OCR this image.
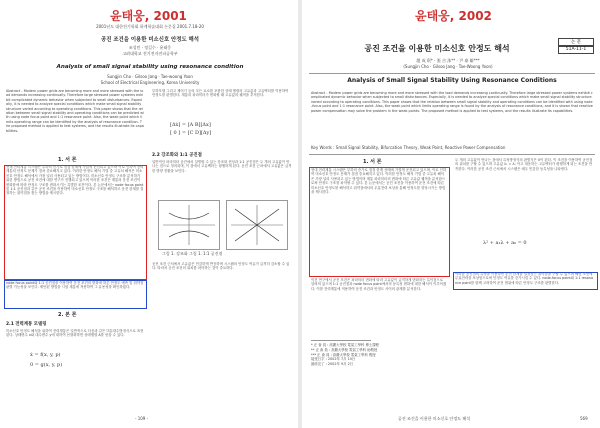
윤태웅, 2001
2001년도 대한전기학회 하계학술대회 논문집 2001.7.18-20
공진 조건을 이용한 미소신호 안정도 해석
조성민 · 정길수 · 윤태웅
고려대학교 전기전자전파공학부
Analysis of small signal stability using resonance condition
Sungjin Cho · Gilsoo Jang · Tae-woong Yoon
School of Electrical Engineering, Korea University
Abstract - Modern power grids are becoming more and more stressed with the load demands increasing continually. Therefore large stressed power systems exhibit complicated dynamic behavior when subjected to small disturbances. Especially, it is needed to analyze special conditions which make small signal stability structure varied according to operating conditions. This paper shows that the relation between small signal stability and operating conditions can be predicted with using node focus point and 1:1 resonance point. Also, the weak point which limits operating range can be identified by the analysis of resonance condition. The proposed method is applied to test systems, and the results illustrate its capabilities.
1. 서 론
현재 전력계통 시스템은 부하의 증가로 점점 한계에 가깝게 운전되고 있으며 이로 인하여 전력계통의 안정도 문제가 점차 중요해지고 있다. 이러한 안정도 해석 기법 중 고유치 해석은 미소신호 안정도 해석에서 가장 널리 사용되고 있는 방법이다. 미소신호 안정도 구조를 분석하기 위한 방법으로 공진 조건에 대한 연구가 진행되고 있으며 이러한 조건은 계통의 운전 조건이 변화함에 따라 안정도 구조를 변화시키는 특별한 조건이다. 본 논문에서는 node focus point 및 1:1 공진점과 같은 공진 조건을 이용하여 미소신호 안정도 구조를 해석하고 운전 한계를 결정하는 취약점을 찾는 방법을 제시한다.
node focus point와 1:1 공진점을 이용하여 운전 조건의 변화에 따른 안정도 예측 및 취약점 판별 가능성을 보인다. 제안된 방법을 시험 계통에 적용하여 그 유용성을 확인하였다.
2. 본 론
2.1 전력계통 모델링
미소신호 안정도 해석을 위하여 전력계통은 일반적으로 다음과 같은 미분대수방정식으로 표현된다. 상태변수 x와 대수변수 y에 대하여 선형화하면 상태행렬 A를 얻을 수 있다.
ẋ = f(x, y, p)
0 = g(x, y, p)
부하모델 그리고 제어기 등의 모든 요소를 포함한 상태 행렬의 고유값과 고유벡터를 이용하여 안정도를 판별한다. 계통의 파라미터가 변화할 때 고유값의 궤적을 추적한다.
[Δẋ] = [A B][Δx]
[ 0 ] = [C D][Δy]
2.2 강조화와 1:1 공진점
일반적인 파라미터 공간에서 설명할 수 있는 강조화 현상과 1:1 공진점은 두 개의 고유값이 만나는 점으로 정의되며, 이 점에서 고유벡터는 평행하게 된다. 공진 조건 근처에서 고유값은 급격한 방향 전환을 보인다.
그림 1. 강조화 그림 1. 1:1 공진점
공진 조건 근처에서 고유값은 민감하게 반응하며 시스템의 안정도 여유가 급격히 감소할 수 있다. 따라서 공진 조건의 위치를 파악하는 것이 중요하다.
- 109 -
윤태웅, 2002
논 문
51A-11-1
공진 조건을 이용한 미소신호 안정도 해석
趙 成 珉* · 張 吉 洙** · 尹 泰 雄***
(Sungjin Cho · Gilsoo Jang · Tae-Woong Yoon)
Analysis of Small Signal Stability Using Resonance Conditions
Abstract - Modern power grids are becoming more and more stressed with the load demands increasing continually. Therefore large stressed power systems exhibit complicated dynamic behavior when subjected to small disturbances. Especially, it is needed to analyze special conditions which make small signal stability structure varied according to operating conditions. This paper shows that the relation between small signal stability and operating conditions can be identified with using node-focus point and 1:1 resonance point. Also, the weak point which limits operating range is found by the analysis of resonance conditions, and it is shown that reactive power compensation may solve the problem in the weak points. The proposed method is applied to test systems, and the results illustrate its capabilities.
Key Words : Small Signal Stability, Bifurcation Theory, Weak Point, Reactive Power Compensation
1. 서 론
현대 전력계통 시스템은 부하의 증가로 점점 한계 상태에 가깝게 운전되고 있으며, 이로 인하여 미소신호 안정도 문제가 점점 중요해지고 있다. 이러한 안정도 해석 기법 중 고유치 해석은 가장 널리 사용되고 있는 방법이며 계통 파라미터의 변화에 따른 고유값 궤적을 분석함으로써 안정도 구조를 파악할 수 있다. 본 논문에서는 공진 조건을 이용하여 운전 조건에 따른 미소신호 안정도를 해석하고 취약점에서의 무효전력 보상을 통해 안정도를 향상시키는 방법을 제시한다.
이전 연구에서 공진 조건은 파라미터 변화에 따라 고유값이 급격하게 변화하는 특이점으로 알려져 있으며 1:1 공진점과 node focus point에서의 동특성 변화에 대한 해석이 이루어졌다. 이를 전력계통에 적용하여 운전 조건과 안정도 사이의 관계를 분석한다.
* 正 會 員 : 高麗大學校 電氣工學科 博士課程
** 正 會 員 : 高麗大學校 電氣工學科 助敎授
*** 正 會 員 : 高麗大學校 電氣工學科 敎授
接受日字 : 2002年 7月 10日
最終完了 : 2002年 9月 2日
두 개의 고유값이 만나는 점에서 특성방정식의 판별식은 0이 된다. 이 조건을 이용하여 공진점의 위치를 구할 수 있으며 고유값 λ₁ = λ₂ 이고 대응하는 고유벡터가 평행하게 되는 조건을 만족한다. 이러한 공진 조건 근처에서 시스템은 매우 민감한 동특성을 나타낸다.
λ² + a₁λ + a₀ = 0
이러한 공진점의 특성을 이용하면 운전 한계를 결정짓는 취약점을 구할 수 있으며 해당 모선에 무효전력을 보상함으로써 안정도 여유를 증가시킬 수 있다. node-focus point와 1:1 resonance point를 함께 고려하여 운전 범위에 따른 안정도 구조를 판별한다.
공진 조건을 이용한 미소신호 안정도 해석	569
